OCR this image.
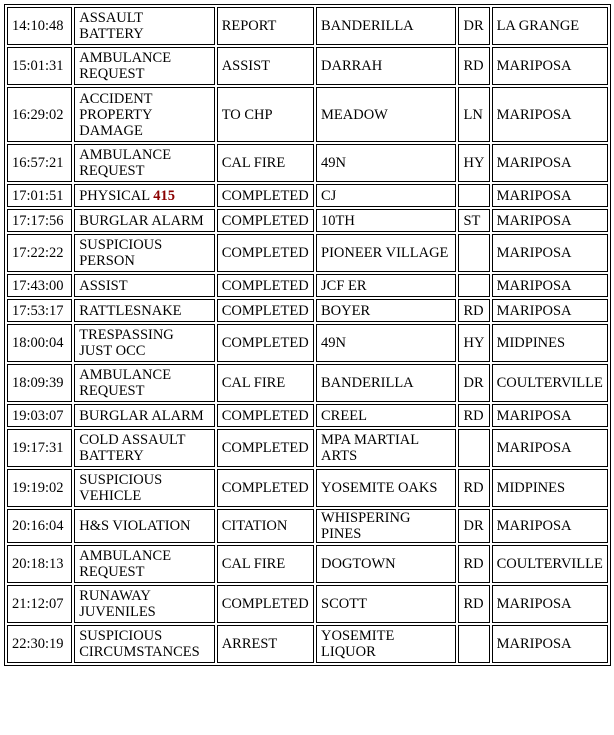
14:10:48	ASSAULT BATTERY	REPORT	BANDERILLA	DR	LA GRANGE
15:01:31	AMBULANCE REQUEST	ASSIST	DARRAH	RD	MARIPOSA
16:29:02	ACCIDENT PROPERTY DAMAGE	TO CHP	MEADOW	LN	MARIPOSA
16:57:21	AMBULANCE REQUEST	CAL FIRE	49N	HY	MARIPOSA
17:01:51	PHYSICAL 415	COMPLETED	CJ		MARIPOSA
17:17:56	BURGLAR ALARM	COMPLETED	10TH	ST	MARIPOSA
17:22:22	SUSPICIOUS PERSON	COMPLETED	PIONEER VILLAGE		MARIPOSA
17:43:00	ASSIST	COMPLETED	JCF ER		MARIPOSA
17:53:17	RATTLESNAKE	COMPLETED	BOYER	RD	MARIPOSA
18:00:04	TRESPASSING JUST OCC	COMPLETED	49N	HY	MIDPINES
18:09:39	AMBULANCE REQUEST	CAL FIRE	BANDERILLA	DR	COULTERVILLE
19:03:07	BURGLAR ALARM	COMPLETED	CREEL	RD	MARIPOSA
19:17:31	COLD ASSAULT BATTERY	COMPLETED	MPA MARTIAL ARTS		MARIPOSA
19:19:02	SUSPICIOUS VEHICLE	COMPLETED	YOSEMITE OAKS	RD	MIDPINES
20:16:04	H&S VIOLATION	CITATION	WHISPERING PINES	DR	MARIPOSA
20:18:13	AMBULANCE REQUEST	CAL FIRE	DOGTOWN	RD	COULTERVILLE
21:12:07	RUNAWAY JUVENILES	COMPLETED	SCOTT	RD	MARIPOSA
22:30:19	SUSPICIOUS CIRCUMSTANCES	ARREST	YOSEMITE LIQUOR		MARIPOSA
